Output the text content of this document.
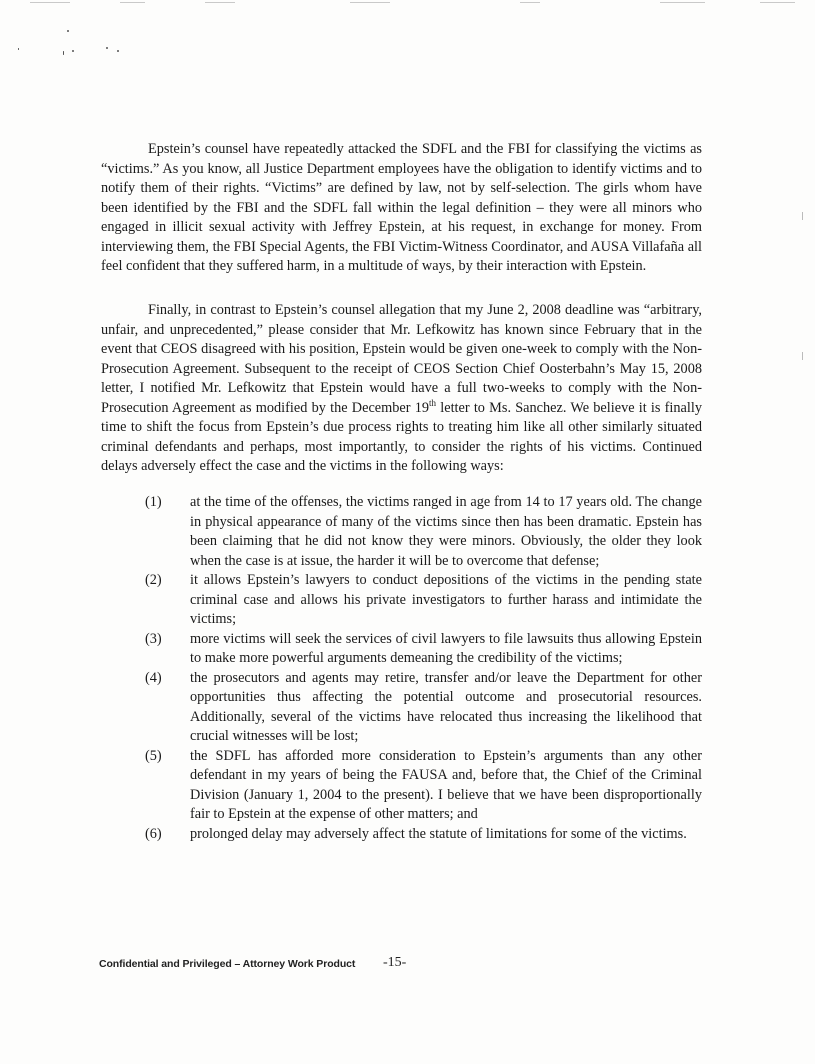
Epstein’s counsel have repeatedly attacked the SDFL and the FBI for classifying the victims as “victims.” As you know, all Justice Department employees have the obligation to identify victims and to notify them of their rights. “Victims” are defined by law, not by self-selection. The girls whom have been identified by the FBI and the SDFL fall within the legal definition – they were all minors who engaged in illicit sexual activity with Jeffrey Epstein, at his request, in exchange for money. From interviewing them, the FBI Special Agents, the FBI Victim-Witness Coordinator, and AUSA Villafaña all feel confident that they suffered harm, in a multitude of ways, by their interaction with Epstein.

Finally, in contrast to Epstein’s counsel allegation that my June 2, 2008 deadline was “arbitrary, unfair, and unprecedented,” please consider that Mr. Lefkowitz has known since February that in the event that CEOS disagreed with his position, Epstein would be given one-week to comply with the Non-Prosecution Agreement. Subsequent to the receipt of CEOS Section Chief Oosterbahn’s May 15, 2008 letter, I notified Mr. Lefkowitz that Epstein would have a full two-weeks to comply with the Non-Prosecution Agreement as modified by the December 19th letter to Ms. Sanchez. We believe it is finally time to shift the focus from Epstein’s due process rights to treating him like all other similarly situated criminal defendants and perhaps, most importantly, to consider the rights of his victims. Continued delays adversely effect the case and the victims in the following ways:

(1) at the time of the offenses, the victims ranged in age from 14 to 17 years old. The change in physical appearance of many of the victims since then has been dramatic. Epstein has been claiming that he did not know they were minors. Obviously, the older they look when the case is at issue, the harder it will be to overcome that defense;
(2) it allows Epstein’s lawyers to conduct depositions of the victims in the pending state criminal case and allows his private investigators to further harass and intimidate the victims;
(3) more victims will seek the services of civil lawyers to file lawsuits thus allowing Epstein to make more powerful arguments demeaning the credibility of the victims;
(4) the prosecutors and agents may retire, transfer and/or leave the Department for other opportunities thus affecting the potential outcome and prosecutorial resources. Additionally, several of the victims have relocated thus increasing the likelihood that crucial witnesses will be lost;
(5) the SDFL has afforded more consideration to Epstein’s arguments than any other defendant in my years of being the FAUSA and, before that, the Chief of the Criminal Division (January 1, 2004 to the present). I believe that we have been disproportionally fair to Epstein at the expense of other matters; and
(6) prolonged delay may adversely affect the statute of limitations for some of the victims.
Confidential and Privileged – Attorney Work Product -15-
